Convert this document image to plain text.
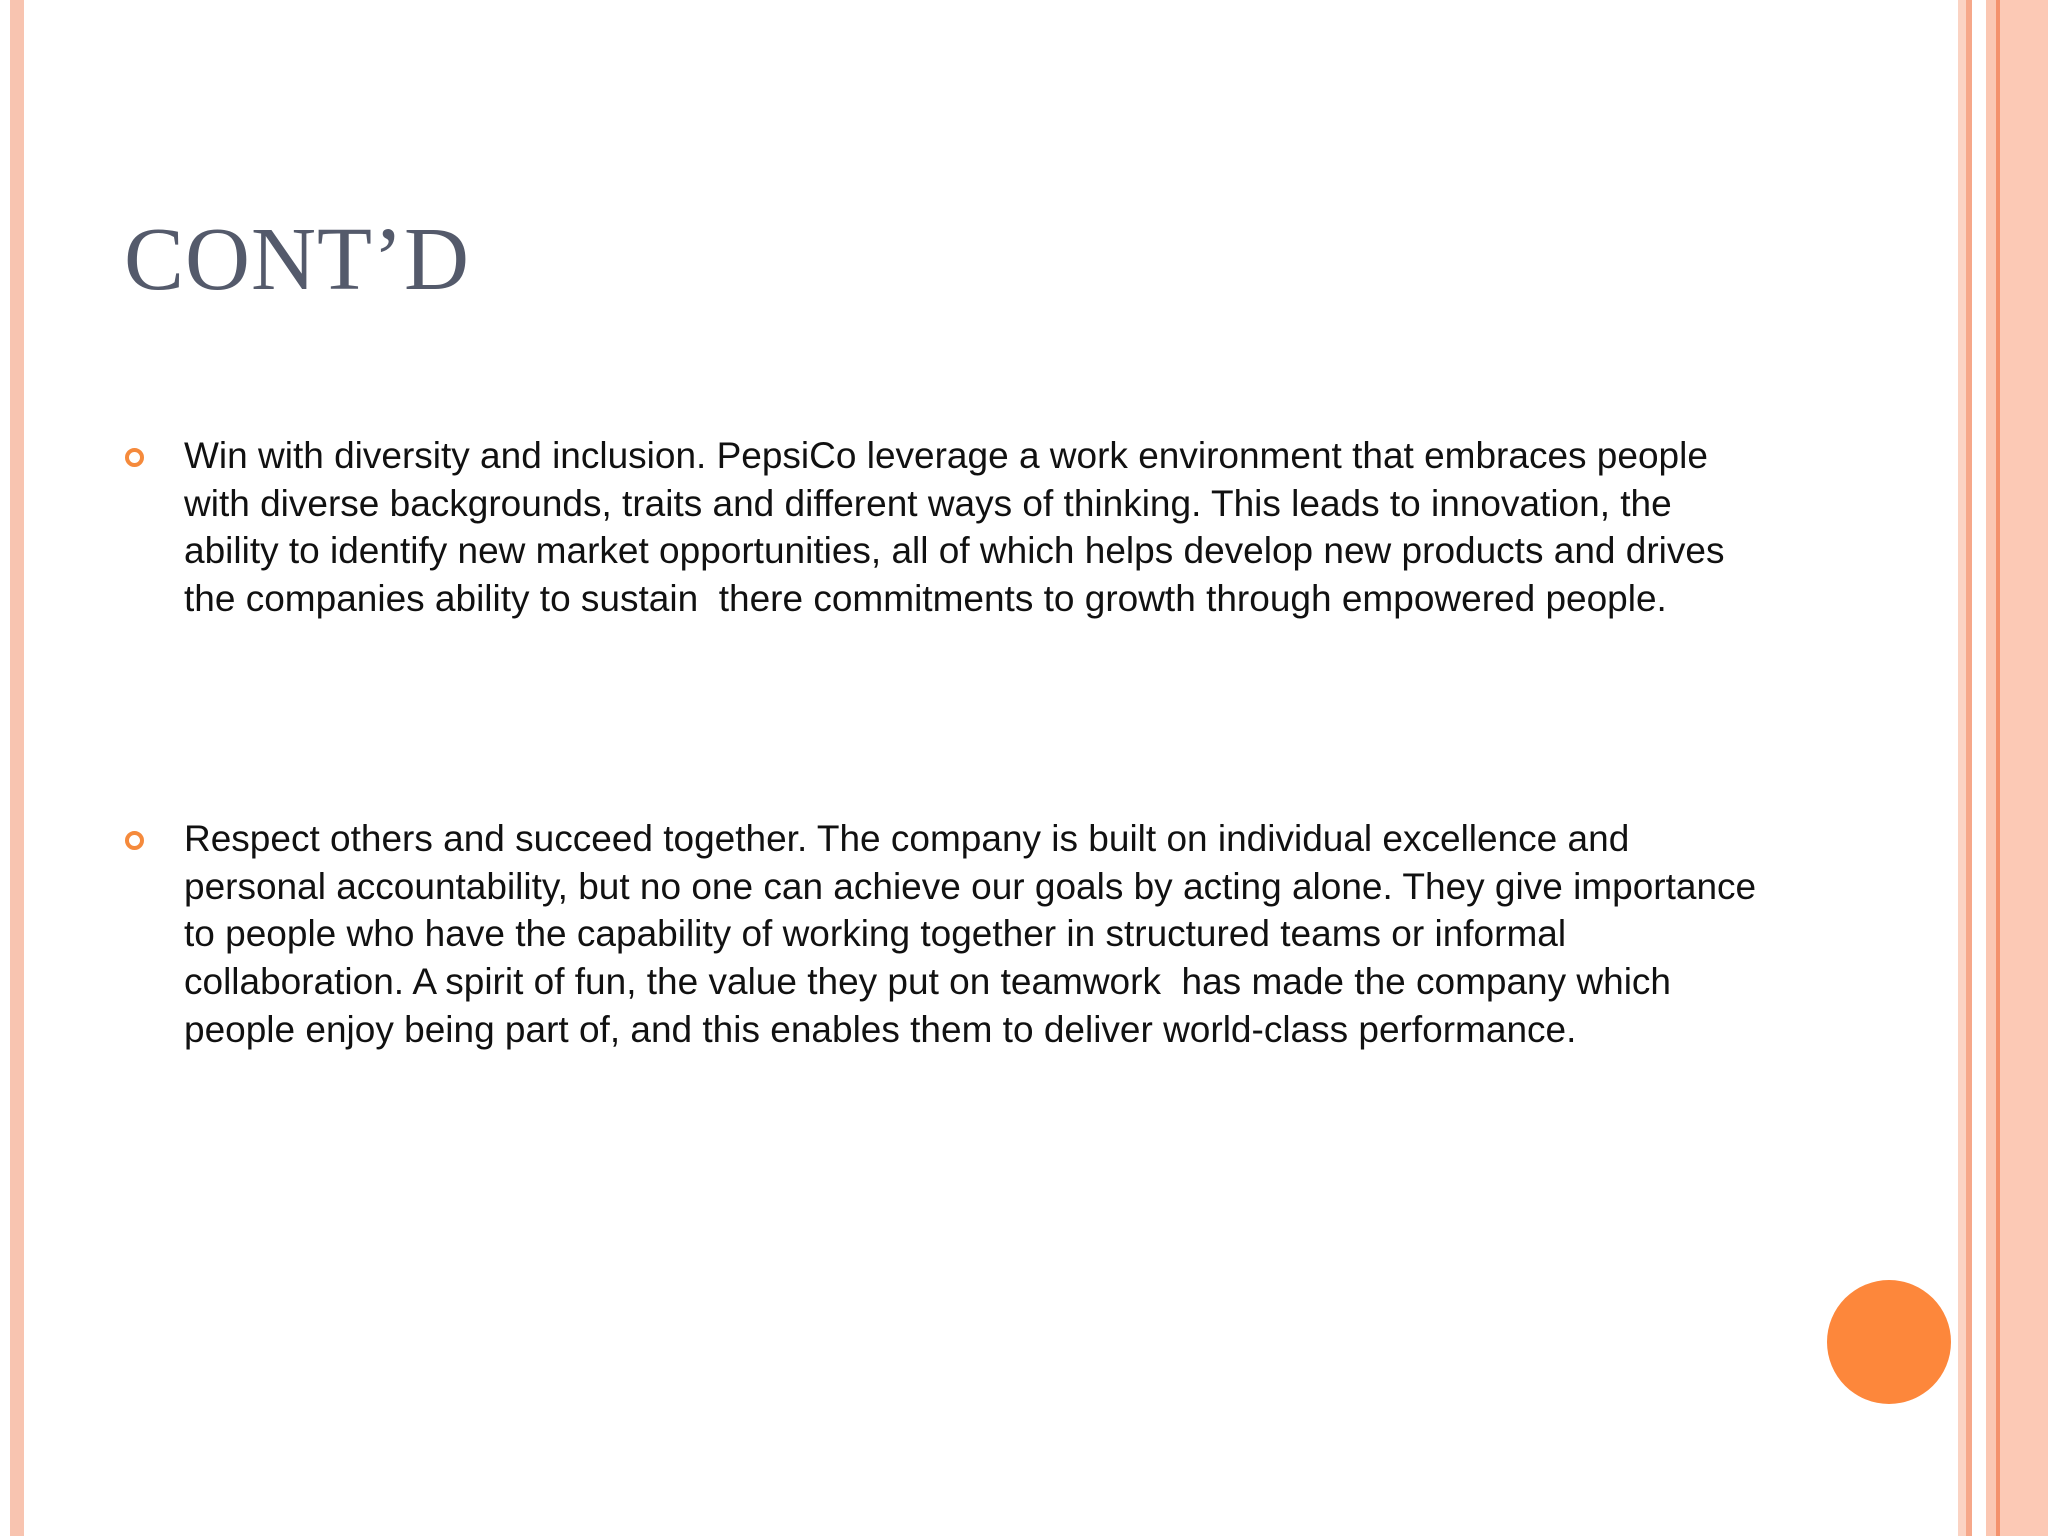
CONT’D
Win with diversity and inclusion. PepsiCo leverage a work environment that embraces people with diverse backgrounds, traits and different ways of thinking. This leads to innovation, the ability to identify new market opportunities, all of which helps develop new products and drives the companies ability to sustain  there commitments to growth through empowered people.
Respect others and succeed together. The company is built on individual excellence and personal accountability, but no one can achieve our goals by acting alone. They give importance to people who have the capability of working together in structured teams or informal collaboration. A spirit of fun, the value they put on teamwork  has made the company which people enjoy being part of, and this enables them to deliver world-class performance.
